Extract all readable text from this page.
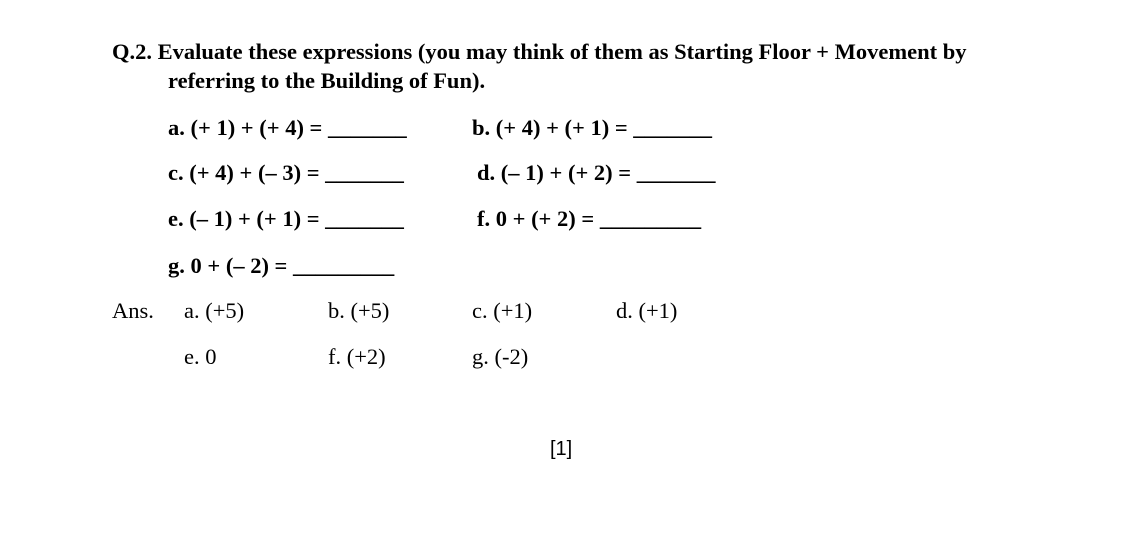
Q.2. Evaluate these expressions (you may think of them as Starting Floor + Movement by
referring to the Building of Fun).
a. (+ 1) + (+ 4) = _______	b. (+ 4) + (+ 1) = _______
c. (+ 4) + (– 3) = _______	d. (– 1) + (+ 2) = _______
e. (– 1) + (+ 1) = _______	f. 0 + (+ 2) = _________
g. 0 + (– 2) = _________
Ans. a. (+5)	b. (+5)	c. (+1)	d. (+1)
e. 0	f. (+2)	g. (-2)
[1]
